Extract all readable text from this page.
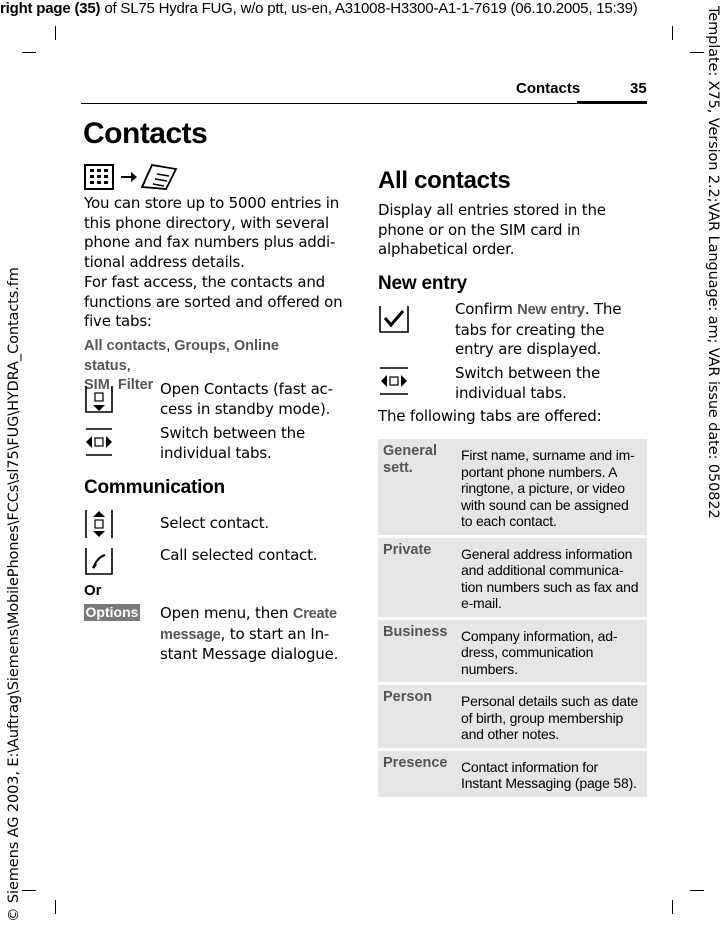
right page (35) of SL75 Hydra FUG, w/o ptt, us-en, A31008-H3300-A1-1-7619 (06.10.2005, 15:39)
© Siemens AG 2003, E:\Auftrag\Siemens\MobilePhones\FCCs\sl75\FUG\HYDRA_Contacts.fm
Template: X75, Version 2.2;VAR Language: am; VAR issue date: 050822
Contacts	35
Contacts
You can store up to 5000 entries in this phone directory, with several phone and fax numbers plus addi-tional address details.
For fast access, the contacts and functions are sorted and offered on five tabs:
All contacts, Groups, Online status,
SIM, Filter Open Contacts (fast ac-cess in standby mode).
Switch between the individual tabs.
Communication
Select contact.
Call selected contact.
Or
Options Open menu, then Create message, to start an In-stant Message dialogue.
All contacts
Display all entries stored in the phone or on the SIM card in alphabetical order.
New entry
Confirm New entry. The tabs for creating the entry are displayed.
Switch between the individual tabs.
The following tabs are offered:
General sett.	First name, surname and im-portant phone numbers. A ringtone, a picture, or video with sound can be assigned to each contact.
Private	General address information and additional communica-tion numbers such as fax and e-mail.
Business	Company information, ad-dress, communication numbers.
Person	Personal details such as date of birth, group membership and other notes.
Presence	Contact information for Instant Messaging (page 58).
